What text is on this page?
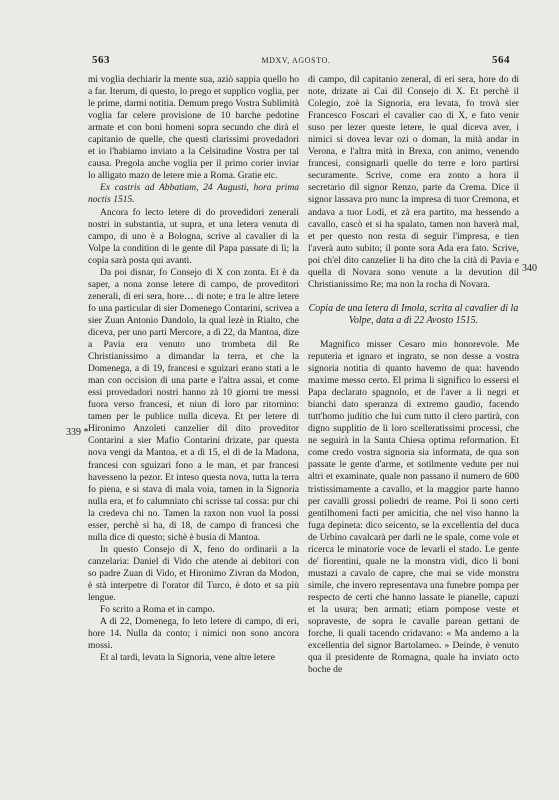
563	MDXV, AGOSTO.	564
339 *
340

mi voglia dechiarir la mente sua, aziò sappia quello ho a far. Iterum, di questo, lo prego et supplico voglia, per le prime, darmi notitia. Demum prego Vostra Sublimità voglia far celere provisione de 10 barche pedotine armate et con boni homeni sopra secundo che dirà el capitanio de quelle, che questi clarissimi provedadori et io l'habiamo inviato a la Celsitudine Vostra per tal causa. Pregola anche voglia per il primo corier inviar lo alligato mazo de letere mie a Roma. Gratie etc.

Ex castris ad Abbatiam, 24 Augusti, hora prima noctis 1515.

Ancora fo lecto letere di do provedidori zenerali nostri in substantia, ut supra, et una letera venuta di campo, di uno è a Bologna, scrive al cavalier di la Volpe la condition di le gente dil Papa passate di lì; la copia sarà posta qui avanti.

Da poi disnar, fo Consejo di X con zonta. Et è da saper, a nona zonse letere di campo, de proveditori zenerali, di eri sera, hore… di note; e tra le altre letere fo una particular di sier Domenego Contarini, scrivea a sier Zuan Antonio Dandolo, la qual lezè in Rialto, che diceva, per uno parti Mercore, a dì 22, da Mantoa, dize a Pavia era venuto uno trombeta dil Re Christianissimo a dimandar la terra, et che la Domenega, a dì 19, francesi e sguizari erano stati a le man con occision di una parte e l'altra assai, et come essi provedadori nostri hanno zà 10 giorni tre messi fuora verso francesi, et niun di loro par ritornino: tamen per le publice nulla diceva. Et per letere di Hironimo Anzoleti canzelier dil dito proveditor Contarini a sier Mafio Contarini drizate, par questa nova vengi da Mantoa, et a dì 15, el dì de la Madona, francesi con sguizari fono a le man, et par francesi havesseno la pezor. Et inteso questa nova, tutta la terra fo piena, e si stava di mala voia, tamen in la Signoria nulla era, et fo calumniato chi scrisse tal cossa: pur chi la credeva chi no. Tamen la raxon non vuol la possi esser, perchè si ha, di 18, de campo di francesi che nulla dice di questo; sichè è busia di Mantoa.

In questo Consejo di X, feno do ordinarii a la canzelaria: Daniel di Vido che atende ai debitori con so padre Zuan di Vido, et Hironimo Zivran da Modon, è stà interpetre di l'orator dil Turco, è doto et sa più lengue.

Fo scrito a Roma et in campo.

A dì 22, Domenega, fo leto letere di campo, di eri, hore 14. Nulla da conto; i nimici non sono ancora mossi.

Et al tardi, levata la Signoria, vene altre letere

di campo, dil capitanio zeneral, di eri sera, hore do di note, drizate ai Cai dil Consejo di X. Et perchè il Colegio, zoè la Signoria, era levata, fo trovà sier Francesco Foscari el cavalier cao di X, e fato venir suso per lezer queste letere, le qual diceva aver, i nimici si dovea levar ozi o doman, la mità andar in Verona, e l'altra mità in Brexa, con animo, venendo francesi, consignarli quelle do terre e loro partirsi securamente. Scrive, come era zonto a hora il secretario dil signor Renzo, parte da Crema. Dice il signor lassava pro nunc la impresa di tuor Cremona, et andava a tuor Lodi, et zà era partito, ma hessendo a cavallo, cascò et si ha spalato, tamen non haverà mal, et per questo non resta di seguir l'impresa, e tien l'averà auto subito; il ponte sora Ada era fato. Scrive, poi ch'el dito canzelier li ha dito che la cità di Pavia e quella di Novara sono venute a la devution dil Christianissimo Re; ma non la rocha di Novara.

Copia de una letera di Imola, scrita al cavalier di la Volpe, data a dì 22 Avosto 1515.

Magnifico misser Cesaro mio honorevole. Me reputeria et ignaro et ingrato, se non desse a vostra signoria notitia di quanto havemo de qua: havendo maxime messo certo. El prima li significo lo essersi el Papa declarato spagnolo, et de l'aver a li negri et bianchi dato speranza di extremo gaudio, facendo tutt'homo judítio che lui cum tutto il clero partirà, con digno supplitio de li loro scelleratissimi processi, che ne seguirà in la Santa Chiesa optima reformation. Et come credo vostra signoria sia informata, de qua son passate le gente d'arme, et sotilmente vedute per nui altri et examinate, quale non passano il numero de 600 tristissimamente a cavallo, et la maggior parte hanno per cavalli grossi poliedri de reame. Poi li sono certi gentilhomeni facti per amicitia, che nel viso hanno la fuga depineta: dico seicento, se la excellentia del duca de Urbino cavalcarà per darli ne le spale, come vole et ricerca le minatorie voce de levarli el stado. Le gente de' fiorentini, quale ne la monstra vidi, dico li boni mustazi a cavalo de capre, che mai se vide monstra simile, che invero representava una funebre pompa per respecto de certi che hanno lassate le pianelle, capuzi et la usura; ben armati; etiam pompose veste et sopraveste, de sopra le cavalle parean gettani de forche, li quali tacendo cridavano: « Ma andemo a la excellentia del signor Bartolameo. » Deinde, è venuto qua il presidente de Romagna, quale ha inviato octo boche de
